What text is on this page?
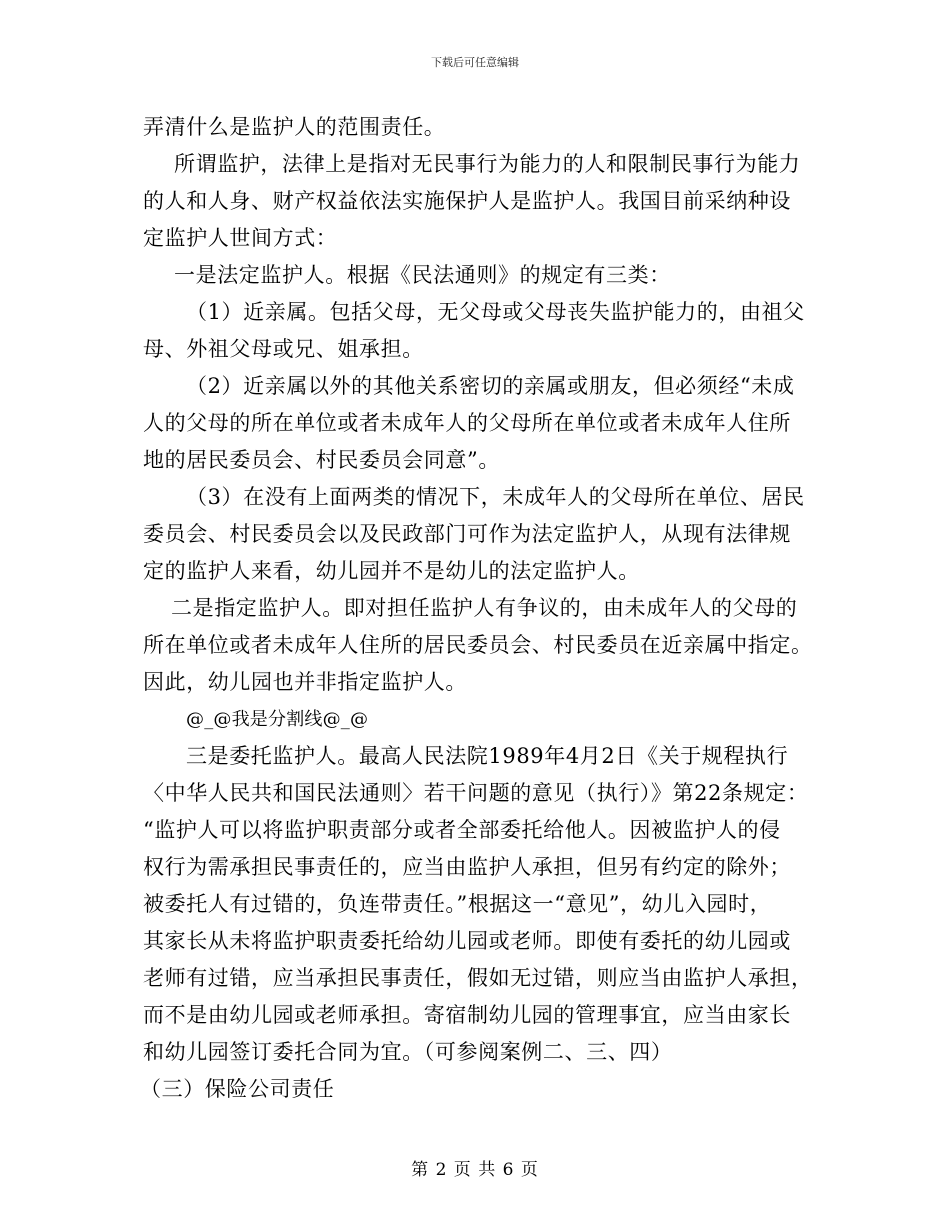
下载后可任意编辑
弄清什么是监护人的范围责任。
所谓监护，法律上是指对无民事行为能力的人和限制民事行为能力
的人和人身、财产权益依法实施保护人是监护人。我国目前采纳种设
定监护人世间方式：
一是法定监护人。根据《民法通则》的规定有三类：
（1）近亲属。包括父母，无父母或父母丧失监护能力的，由祖父
母、外祖父母或兄、姐承担。
（2）近亲属以外的其他关系密切的亲属或朋友，但必须经“未成
人的父母的所在单位或者未成年人的父母所在单位或者未成年人住所
地的居民委员会、村民委员会同意”。
（3）在没有上面两类的情况下，未成年人的父母所在单位、居民
委员会、村民委员会以及民政部门可作为法定监护人，从现有法律规
定的监护人来看，幼儿园并不是幼儿的法定监护人。
二是指定监护人。即对担任监护人有争议的，由未成年人的父母的
所在单位或者未成年人住所的居民委员会、村民委员在近亲属中指定。
因此，幼儿园也并非指定监护人。
@_@我是分割线@_@
三是委托监护人。最高人民法院1989年4月2日《关于规程执行
〈中华人民共和国民法通则〉若干问题的意见（执行）》第22条规定：
“监护人可以将监护职责部分或者全部委托给他人。因被监护人的侵
权行为需承担民事责任的，应当由监护人承担，但另有约定的除外；
被委托人有过错的，负连带责任。”根据这一“意见”，幼儿入园时，
其家长从未将监护职责委托给幼儿园或老师。即使有委托的幼儿园或
老师有过错，应当承担民事责任，假如无过错，则应当由监护人承担，
而不是由幼儿园或老师承担。寄宿制幼儿园的管理事宜，应当由家长
和幼儿园签订委托合同为宜。（可参阅案例二、三、四）
（三）保险公司责任
第 2 页 共 6 页
